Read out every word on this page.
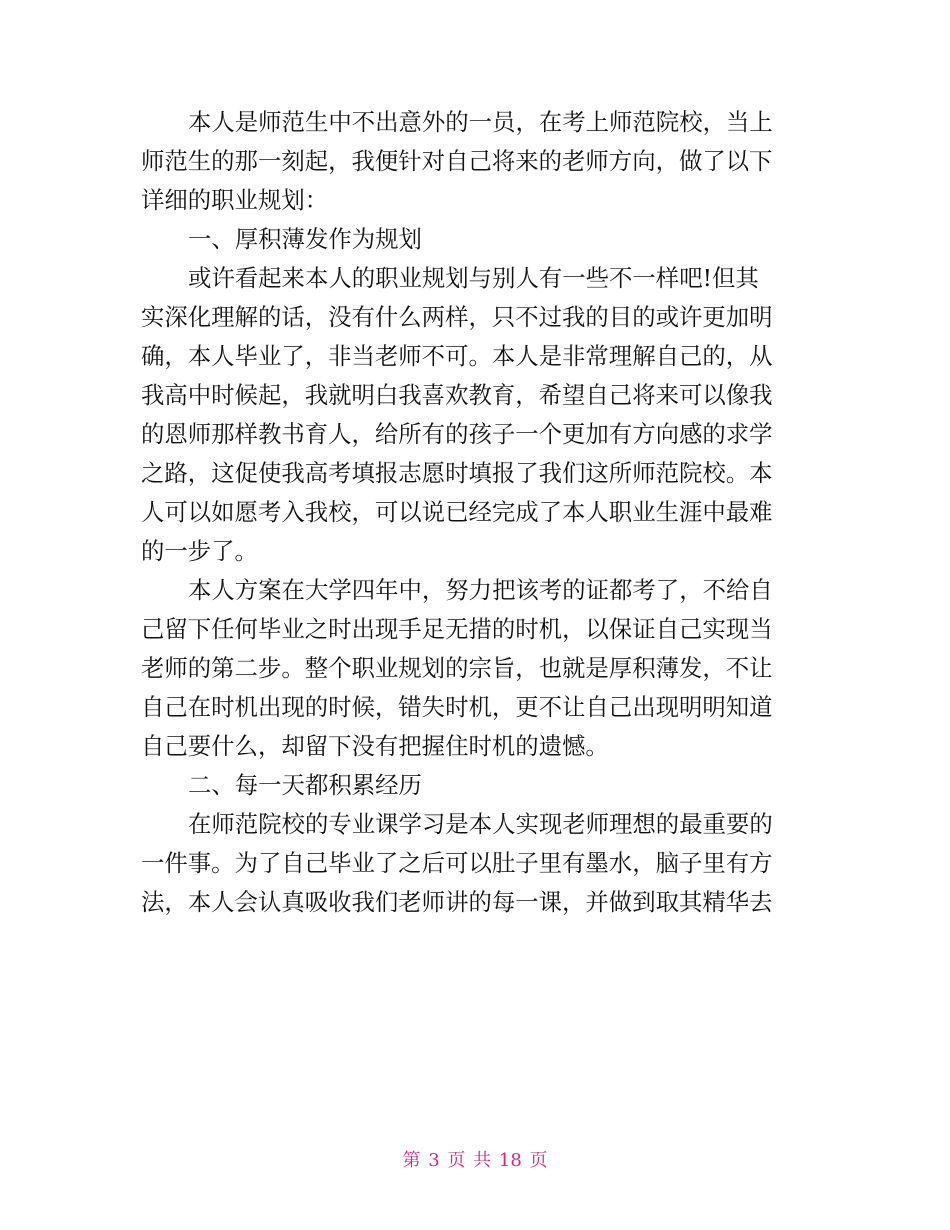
本人是师范生中不出意外的一员，在考上师范院校，当上
师范生的那一刻起，我便针对自己将来的老师方向，做了以下
详细的职业规划：
一、厚积薄发作为规划
或许看起来本人的职业规划与别人有一些不一样吧!但其
实深化理解的话，没有什么两样，只不过我的目的或许更加明
确，本人毕业了，非当老师不可。本人是非常理解自己的，从
我高中时候起，我就明白我喜欢教育，希望自己将来可以像我
的恩师那样教书育人，给所有的孩子一个更加有方向感的求学
之路，这促使我高考填报志愿时填报了我们这所师范院校。本
人可以如愿考入我校，可以说已经完成了本人职业生涯中最难
的一步了。
本人方案在大学四年中，努力把该考的证都考了，不给自
己留下任何毕业之时出现手足无措的时机，以保证自己实现当
老师的第二步。整个职业规划的宗旨，也就是厚积薄发，不让
自己在时机出现的时候，错失时机，更不让自己出现明明知道
自己要什么，却留下没有把握住时机的遗憾。
二、每一天都积累经历
在师范院校的专业课学习是本人实现老师理想的最重要的
一件事。为了自己毕业了之后可以肚子里有墨水，脑子里有方
法，本人会认真吸收我们老师讲的每一课，并做到取其精华去
第 3 页 共 18 页
